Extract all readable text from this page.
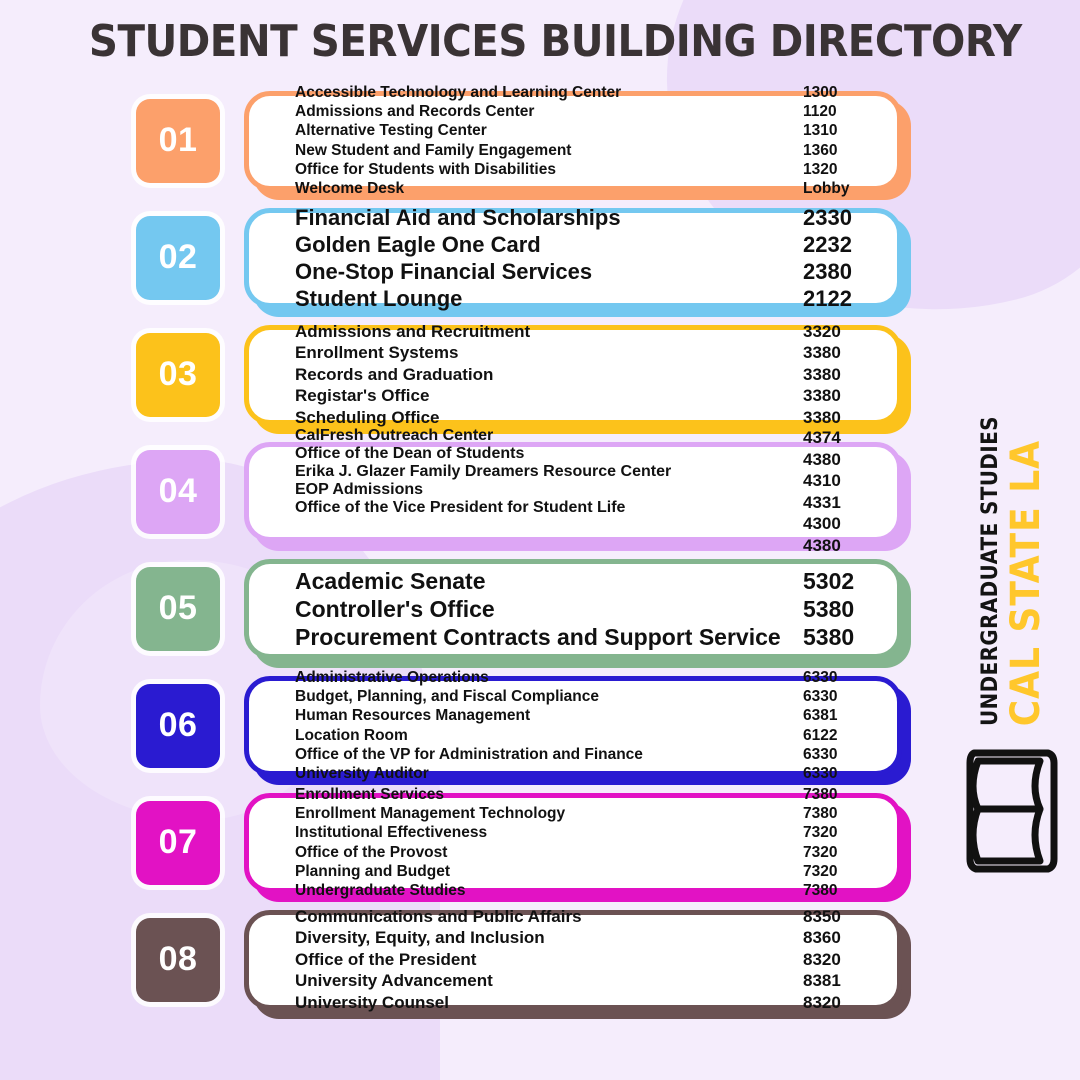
STUDENT SERVICES BUILDING DIRECTORY
01
Accessible Technology and Learning Center
Admissions and Records Center
Alternative Testing Center
New Student and Family Engagement
Office for Students with Disabilities
Welcome Desk
1300
1120
1310
1360
1320
Lobby
02
Financial Aid and Scholarships
Golden Eagle One Card
One-Stop Financial Services
Student Lounge
2330
2232
2380
2122
03
Admissions and Recruitment
Enrollment Systems
Records and Graduation
Registar's Office
Scheduling Office
3320
3380
3380
3380
3380
04
CalFresh Outreach Center
Office of the Dean of Students
Erika J. Glazer Family Dreamers Resource Center
EOP Admissions
Office of the Vice President for Student Life
4374
4380
4310
4331
4300
4380
05
Academic Senate
Controller's Office
Procurement Contracts and Support Service
5302
5380
5380
06
Administrative Operations
Budget, Planning, and Fiscal Compliance
Human Resources Management
Location Room
Office of the VP for Administration and Finance
University Auditor
6330
6330
6381
6122
6330
6330
07
Enrollment Services
Enrollment Management Technology
Institutional Effectiveness
Office of the Provost
Planning and Budget
Undergraduate Studies
7380
7380
7320
7320
7320
7380
08
Communications and Public Affairs
Diversity, Equity, and Inclusion
Office of the President
University Advancement
University Counsel
8350
8360
8320
8381
8320
CAL STATE LA
UNDERGRADUATE STUDIES
